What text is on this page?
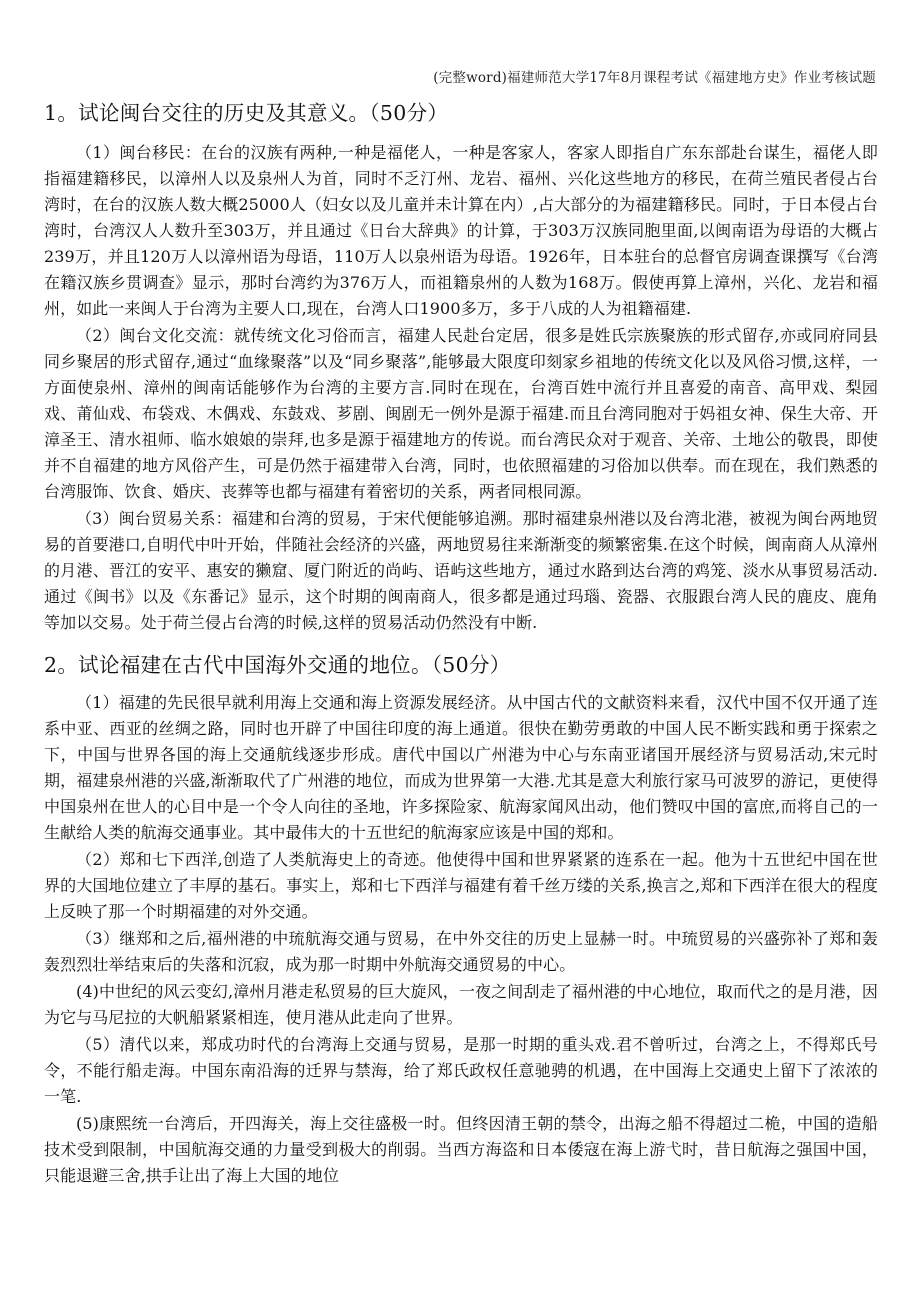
(完整word)福建师范大学17年8月课程考试《福建地方史》作业考核试题
1。试论闽台交往的历史及其意义。（50分）

（1）闽台移民：在台的汉族有两种,一种是福佬人，一种是客家人，客家人即指自广东东部赴台谋生，福佬人即指福建籍移民，以漳州人以及泉州人为首，同时不乏汀州、龙岩、福州、兴化这些地方的移民，在荷兰殖民者侵占台湾时，在台的汉族人数大概25000人（妇女以及儿童并未计算在内）,占大部分的为福建籍移民。同时，于日本侵占台湾时，台湾汉人人数升至303万，并且通过《日台大辞典》的计算，于303万汉族同胞里面,以闽南语为母语的大概占239万，并且120万人以漳州语为母语，110万人以泉州语为母语。1926年，日本驻台的总督官房调查课撰写《台湾在籍汉族乡贯调查》显示，那时台湾约为376万人，而祖籍泉州的人数为168万。假使再算上漳州，兴化、龙岩和福州，如此一来闽人于台湾为主要人口,现在，台湾人口1900多万，多于八成的人为祖籍福建.

（2）闽台文化交流：就传统文化习俗而言，福建人民赴台定居，很多是姓氏宗族聚族的形式留存,亦或同府同县同乡聚居的形式留存,通过“血缘聚落”以及“同乡聚落”,能够最大限度印刻家乡祖地的传统文化以及风俗习惯,这样，一方面使泉州、漳州的闽南话能够作为台湾的主要方言.同时在现在，台湾百姓中流行并且喜爱的南音、高甲戏、梨园戏、莆仙戏、布袋戏、木偶戏、东鼓戏、芗剧、闽剧无一例外是源于福建.而且台湾同胞对于妈祖女神、保生大帝、开漳圣王、清水祖师、临水娘娘的崇拜,也多是源于福建地方的传说。而台湾民众对于观音、关帝、土地公的敬畏，即使并不自福建的地方风俗产生，可是仍然于福建带入台湾，同时，也依照福建的习俗加以供奉。而在现在，我们熟悉的台湾服饰、饮食、婚庆、丧葬等也都与福建有着密切的关系，两者同根同源。

（3）闽台贸易关系：福建和台湾的贸易，于宋代便能够追溯。那时福建泉州港以及台湾北港，被视为闽台两地贸易的首要港口,自明代中叶开始，伴随社会经济的兴盛，两地贸易往来渐渐变的频繁密集.在这个时候，闽南商人从漳州的月港、晋江的安平、惠安的獭窟、厦门附近的尚屿、语屿这些地方，通过水路到达台湾的鸡笼、淡水从事贸易活动.通过《闽书》以及《东番记》显示，这个时期的闽南商人，很多都是通过玛瑙、瓷器、衣服跟台湾人民的鹿皮、鹿角等加以交易。处于荷兰侵占台湾的时候,这样的贸易活动仍然没有中断.

2。试论福建在古代中国海外交通的地位。（50分）

（1）福建的先民很早就利用海上交通和海上资源发展经济。从中国古代的文献资料来看，汉代中国不仅开通了连系中亚、西亚的丝绸之路，同时也开辟了中国往印度的海上通道。很快在勤劳勇敢的中国人民不断实践和勇于探索之下，中国与世界各国的海上交通航线逐步形成。唐代中国以广州港为中心与东南亚诸国开展经济与贸易活动,宋元时期，福建泉州港的兴盛,渐渐取代了广州港的地位，而成为世界第一大港.尤其是意大利旅行家马可波罗的游记，更使得中国泉州在世人的心目中是一个令人向往的圣地，许多探险家、航海家闻风出动，他们赞叹中国的富庶,而将自己的一生献给人类的航海交通事业。其中最伟大的十五世纪的航海家应该是中国的郑和。

（2）郑和七下西洋,创造了人类航海史上的奇迹。他使得中国和世界紧紧的连系在一起。他为十五世纪中国在世界的大国地位建立了丰厚的基石。事实上，郑和七下西洋与福建有着千丝万缕的关系,换言之,郑和下西洋在很大的程度上反映了那一个时期福建的对外交通。

（3）继郑和之后,福州港的中琉航海交通与贸易，在中外交往的历史上显赫一时。中琉贸易的兴盛弥补了郑和轰轰烈烈壮举结束后的失落和沉寂，成为那一时期中外航海交通贸易的中心。

(4)中世纪的风云变幻,漳州月港走私贸易的巨大旋风，一夜之间刮走了福州港的中心地位，取而代之的是月港，因为它与马尼拉的大帆船紧紧相连，使月港从此走向了世界。

（5）清代以来，郑成功时代的台湾海上交通与贸易，是那一时期的重头戏.君不曾听过，台湾之上，不得郑氏号令，不能行船走海。中国东南沿海的迁界与禁海，给了郑氏政权任意驰骋的机遇，在中国海上交通史上留下了浓浓的一笔.

(5)康熙统一台湾后，开四海关，海上交往盛极一时。但终因清王朝的禁令，出海之船不得超过二桅，中国的造船技术受到限制，中国航海交通的力量受到极大的削弱。当西方海盗和日本倭寇在海上游弋时，昔日航海之强国中国，只能退避三舍,拱手让出了海上大国的地位
